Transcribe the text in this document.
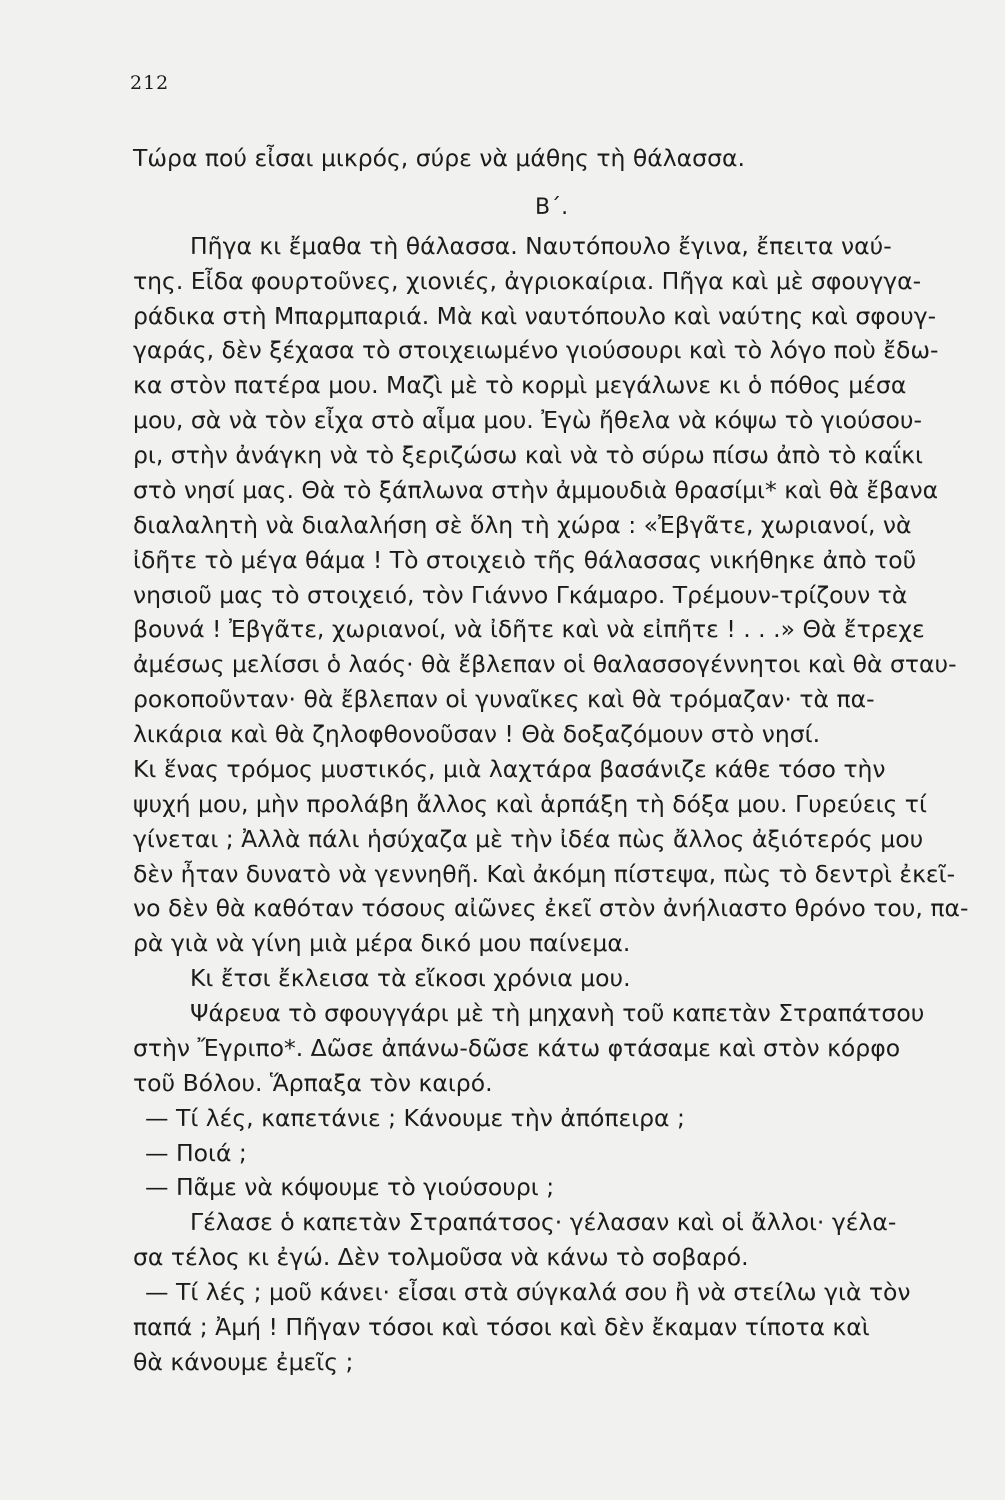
212
Τώρα πού εἶσαι μικρός, σύρε νὰ μάθης τὴ θάλασσα.
Β΄.
Πῆγα κι ἔμαθα τὴ θάλασσα. Ναυτόπουλο ἔγινα, ἔπειτα ναύ-
της. Εἶδα φουρτοῦνες, χιονιές, ἀγριοκαίρια. Πῆγα καὶ μὲ σφουγγα-
ράδικα στὴ Μπαρμπαριά. Μὰ καὶ ναυτόπουλο καὶ ναύτης καὶ σφουγ-
γαράς, δὲν ξέχασα τὸ στοιχειωμένο γιούσουρι καὶ τὸ λόγο ποὺ ἔδω-
κα στὸν πατέρα μου. Μαζὶ μὲ τὸ κορμὶ μεγάλωνε κι ὁ πόθος μέσα
μου, σὰ νὰ τὸν εἶχα στὸ αἷμα μου. Ἐγὼ ἤθελα νὰ κόψω τὸ γιούσου-
ρι, στὴν ἀνάγκη νὰ τὸ ξεριζώσω καὶ νὰ τὸ σύρω πίσω ἀπὸ τὸ καΐκι
στὸ νησί μας. Θὰ τὸ ξάπλωνα στὴν ἀμμουδιὰ θρασίμι* καὶ θὰ ἔβανα
διαλαλητὴ νὰ διαλαλήση σὲ ὅλη τὴ χώρα : «Ἐβγᾶτε, χωριανοί, νὰ
ἰδῆτε τὸ μέγα θάμα ! Τὸ στοιχειὸ τῆς θάλασσας νικήθηκε ἀπὸ τοῦ
νησιοῦ μας τὸ στοιχειό, τὸν Γιάννο Γκάμαρο. Τρέμουν-τρίζουν τὰ
βουνά ! Ἐβγᾶτε, χωριανοί, νὰ ἰδῆτε καὶ νὰ εἰπῆτε ! . . .» Θὰ ἔτρεχε
ἀμέσως μελίσσι ὁ λαός· θὰ ἔβλεπαν οἱ θαλασσογέννητοι καὶ θὰ σταυ-
ροκοποῦνταν· θὰ ἔβλεπαν οἱ γυναῖκες καὶ θὰ τρόμαζαν· τὰ πα-
λικάρια καὶ θὰ ζηλοφθονοῦσαν ! Θὰ δοξαζόμουν στὸ νησί.
Κι ἕνας τρόμος μυστικός, μιὰ λαχτάρα βασάνιζε κάθε τόσο τὴν
ψυχή μου, μὴν προλάβη ἄλλος καὶ ἁρπάξη τὴ δόξα μου. Γυρεύεις τί
γίνεται ; Ἀλλὰ πάλι ἡσύχαζα μὲ τὴν ἰδέα πὼς ἄλλος ἀξιότερός μου
δὲν ἦταν δυνατὸ νὰ γεννηθῆ. Καὶ ἀκόμη πίστεψα, πὼς τὸ δεντρὶ ἐκεῖ-
νο δὲν θὰ καθόταν τόσους αἰῶνες ἐκεῖ στὸν ἀνήλιαστο θρόνο του, πα-
ρὰ γιὰ νὰ γίνη μιὰ μέρα δικό μου παίνεμα.
Κι ἔτσι ἔκλεισα τὰ εἴκοσι χρόνια μου.
Ψάρευα τὸ σφουγγάρι μὲ τὴ μηχανὴ τοῦ καπετὰν Στραπάτσου
στὴν Ἔγριπο*. Δῶσε ἀπάνω-δῶσε κάτω φτάσαμε καὶ στὸν κόρφο
τοῦ Βόλου. Ἅρπαξα τὸν καιρό.
— Τί λές, καπετάνιε ; Κάνουμε τὴν ἀπόπειρα ;
— Ποιά ;
— Πᾶμε νὰ κόψουμε τὸ γιούσουρι ;
Γέλασε ὁ καπετὰν Στραπάτσος· γέλασαν καὶ οἱ ἄλλοι· γέλα-
σα τέλος κι ἐγώ. Δὲν τολμοῦσα νὰ κάνω τὸ σοβαρό.
— Τί λές ; μοῦ κάνει· εἶσαι στὰ σύγκαλά σου ἢ νὰ στείλω γιὰ τὸν
παπά ; Ἀμή ! Πῆγαν τόσοι καὶ τόσοι καὶ δὲν ἔκαμαν τίποτα καὶ
θὰ κάνουμε ἐμεῖς ;
